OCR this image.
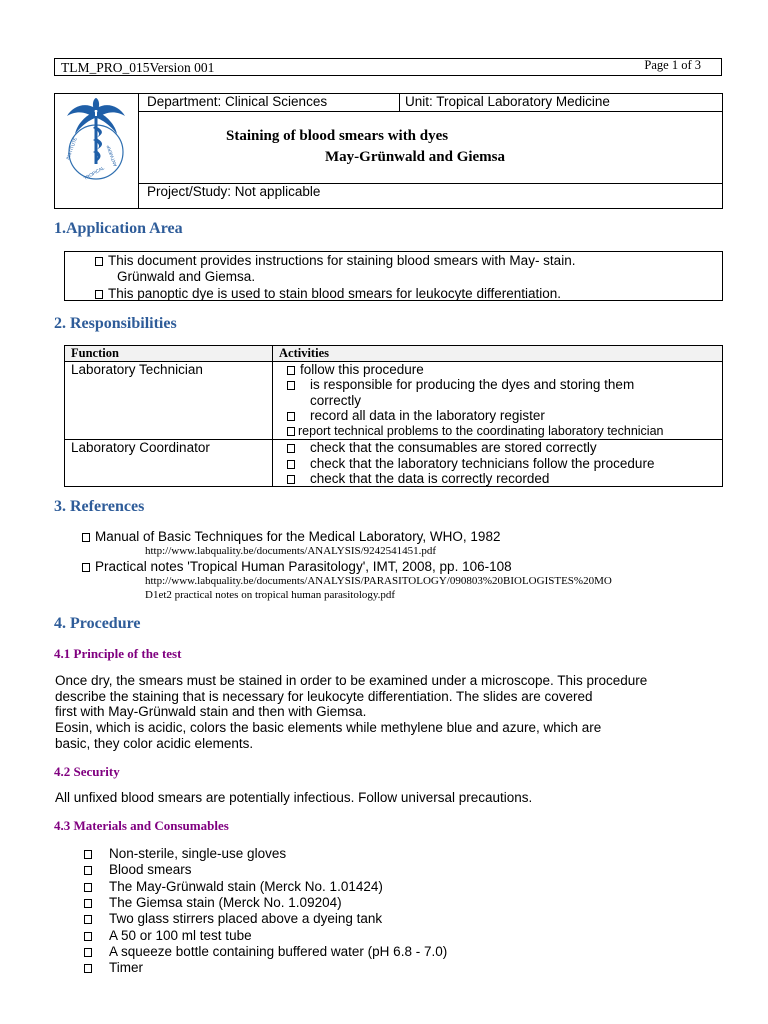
TLM_PRO_015Version 001	Page 1 of 3
INSTITUTE
TROPICAL
ANTWERP
Department: Clinical Sciences	Unit: Tropical Laboratory Medicine
Staining of blood smears with dyes
May-Grünwald and Giemsa
Project/Study: Not applicable
1.Application Area
This document provides instructions for staining blood smears with May- stain.
Grünwald and Giemsa.
This panoptic dye is used to stain blood smears for leukocyte differentiation.
2. Responsibilities
Function	Activities
Laboratory Technician	follow this procedure
is responsible for producing the dyes and storing them
correctly
record all data in the laboratory register
report technical problems to the coordinating laboratory technician
Laboratory Coordinator	check that the consumables are stored correctly
check that the laboratory technicians follow the procedure
check that the data is correctly recorded
3. References
Manual of Basic Techniques for the Medical Laboratory, WHO, 1982
http://www.labquality.be/documents/ANALYSIS/9242541451.pdf
Practical notes 'Tropical Human Parasitology', IMT, 2008, pp. 106-108
http://www.labquality.be/documents/ANALYSIS/PARASITOLOGY/090803%20BIOLOGISTES%20MO
D1et2 practical notes on tropical human parasitology.pdf
4. Procedure
4.1 Principle of the test
Once dry, the smears must be stained in order to be examined under a microscope. This procedure
describe the staining that is necessary for leukocyte differentiation. The slides are covered
first with May-Grünwald stain and then with Giemsa.
Eosin, which is acidic, colors the basic elements while methylene blue and azure, which are
basic, they color acidic elements.
4.2 Security
All unfixed blood smears are potentially infectious. Follow universal precautions.
4.3 Materials and Consumables
Non-sterile, single-use gloves
Blood smears
The May-Grünwald stain (Merck No. 1.01424)
The Giemsa stain (Merck No. 1.09204)
Two glass stirrers placed above a dyeing tank
A 50 or 100 ml test tube
A squeeze bottle containing buffered water (pH 6.8 - 7.0)
Timer
